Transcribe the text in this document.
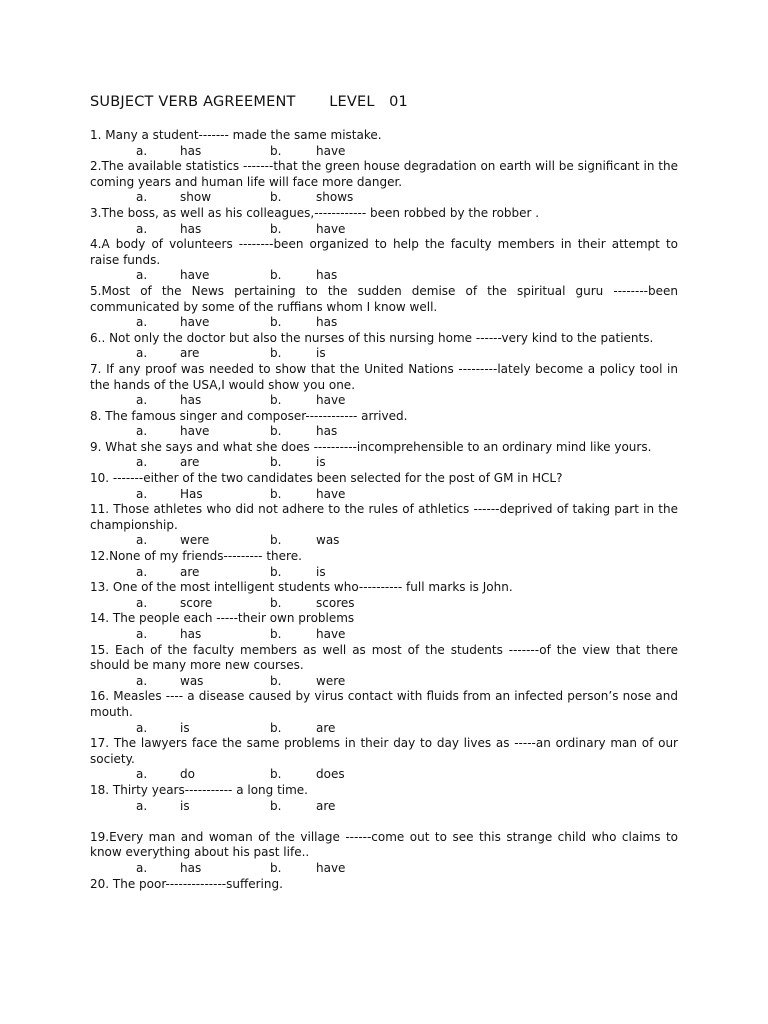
SUBJECT VERB AGREEMENT       LEVEL   01

1. Many a student------- made the same mistake.

a.	has	b.	have

2.The available statistics -------that the green house degradation on earth will be significant in the coming years and human life will face more danger.

a.	show	b.	shows

3.The boss, as well as his colleagues,------------ been robbed by the robber .

a.	has	b.	have

4.A body of volunteers --------been organized to help the faculty members in their attempt to raise funds.

a.	have	b.	has

5.Most of the News pertaining to the sudden demise of the spiritual guru --------been communicated by some of the ruffians whom I know well.

a.	have	b.	has

6.. Not only the doctor but also the nurses of this nursing home ------very kind to the patients.

a.	are	b.	is

7. If any proof was needed to show that the United Nations ---------lately become a policy tool in the hands of the USA,I would show you one.

a.	has	b.	have

8. The famous singer and composer------------ arrived.

a.	have	b.	has

9. What she says and what she does ----------incomprehensible to an ordinary mind like yours.

a.	are	b.	is

10. -------either of the two candidates been selected for the post of GM in HCL?

a.	Has	b.	have

11. Those athletes who did not adhere to the rules of athletics ------deprived of taking part in the championship.

a.	were	b.	was

12.None of my friends--------- there.

a.	are	b.	is

13. One of the most intelligent students who---------- full marks is John.

a.	score	b.	scores

14. The people each -----their own problems

a.	has	b.	have

15. Each of the faculty members as well as most of the students -------of the view that there should be many more new courses.

a.	was	b.	were

16. Measles ---- a disease caused by virus contact with fluids from an infected person’s nose and mouth.

a.	is	b.	are

17. The lawyers face the same problems in their day to day lives as -----an ordinary man of our society.

a.	do	b.	does

18. Thirty years----------- a long time.

a.	is	b.	are

19.Every man and woman of the village ------come out to see this strange child who claims to know everything about his past life..

a.	has	b.	have

20. The poor--------------suffering.
